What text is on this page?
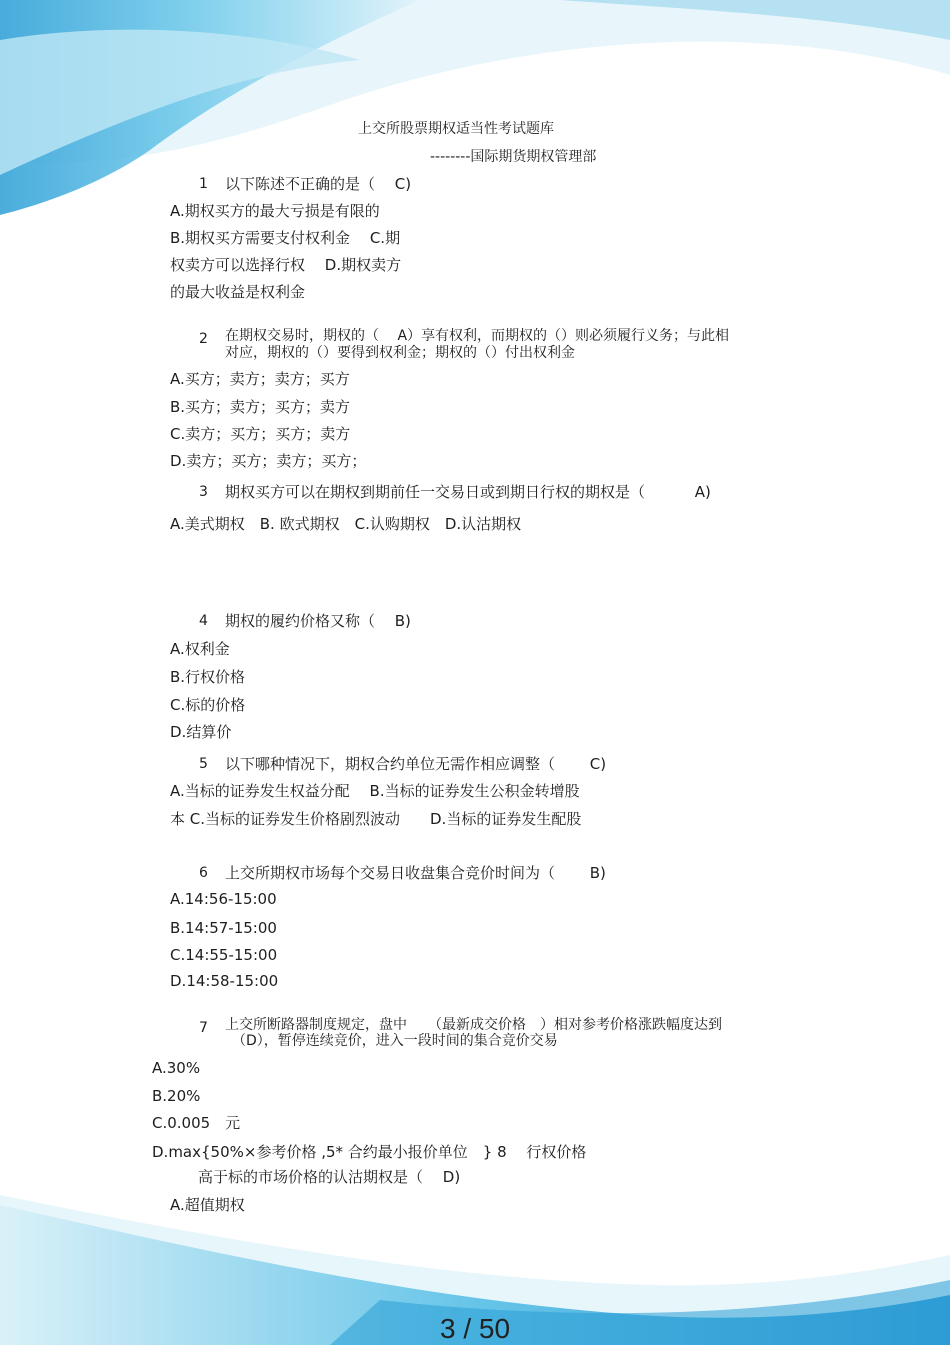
上交所股票期权适当性考试题库
--------国际期货期权管理部
1 以下陈述不正确的是（　 C)
A.期权买方的最大亏损是有限的
B.期权买方需要支付权利金　 C.期
权卖方可以选择行权　 D.期权卖方
的最大收益是权利金
2 在期权交易时，期权的（　 A）享有权利，而期权的（）则必须履行义务；与此相
对应，期权的（）要得到权利金；期权的（）付出权利金
A.买方；卖方；卖方；买方
B.买方；卖方；买方；卖方
C.卖方；买方；买方；卖方
D.卖方；买方；卖方；买方；
3 期权买方可以在期权到期前任一交易日或到期日行权的期权是（　　　 A)
A.美式期权　B. 欧式期权　C.认购期权　D.认沽期权
4 期权的履约价格又称（　 B)
A.权利金
B.行权价格
C.标的价格
D.结算价
5 以下哪种情况下，期权合约单位无需作相应调整（　　 C)
A.当标的证券发生权益分配　 B.当标的证券发生公积金转增股
本 C.当标的证券发生价格剧烈波动　　D.当标的证券发生配股
6 上交所期权市场每个交易日收盘集合竞价时间为（　　 B)
A.14:56-15:00
B.14:57-15:00
C.14:55-15:00
D.14:58-15:00
7 上交所断路器制度规定，盘中　　（最新成交价格　）相对参考价格涨跌幅度达到
（D），暂停连续竞价，进入一段时间的集合竞价交易
A.30%
B.20%
C.0.005　元
D.max{50%×参考价格 ,5* 合约最小报价单位　} 8　 行权价格
高于标的市场价格的认沽期权是（　 D)
A.超值期权
3 / 50
